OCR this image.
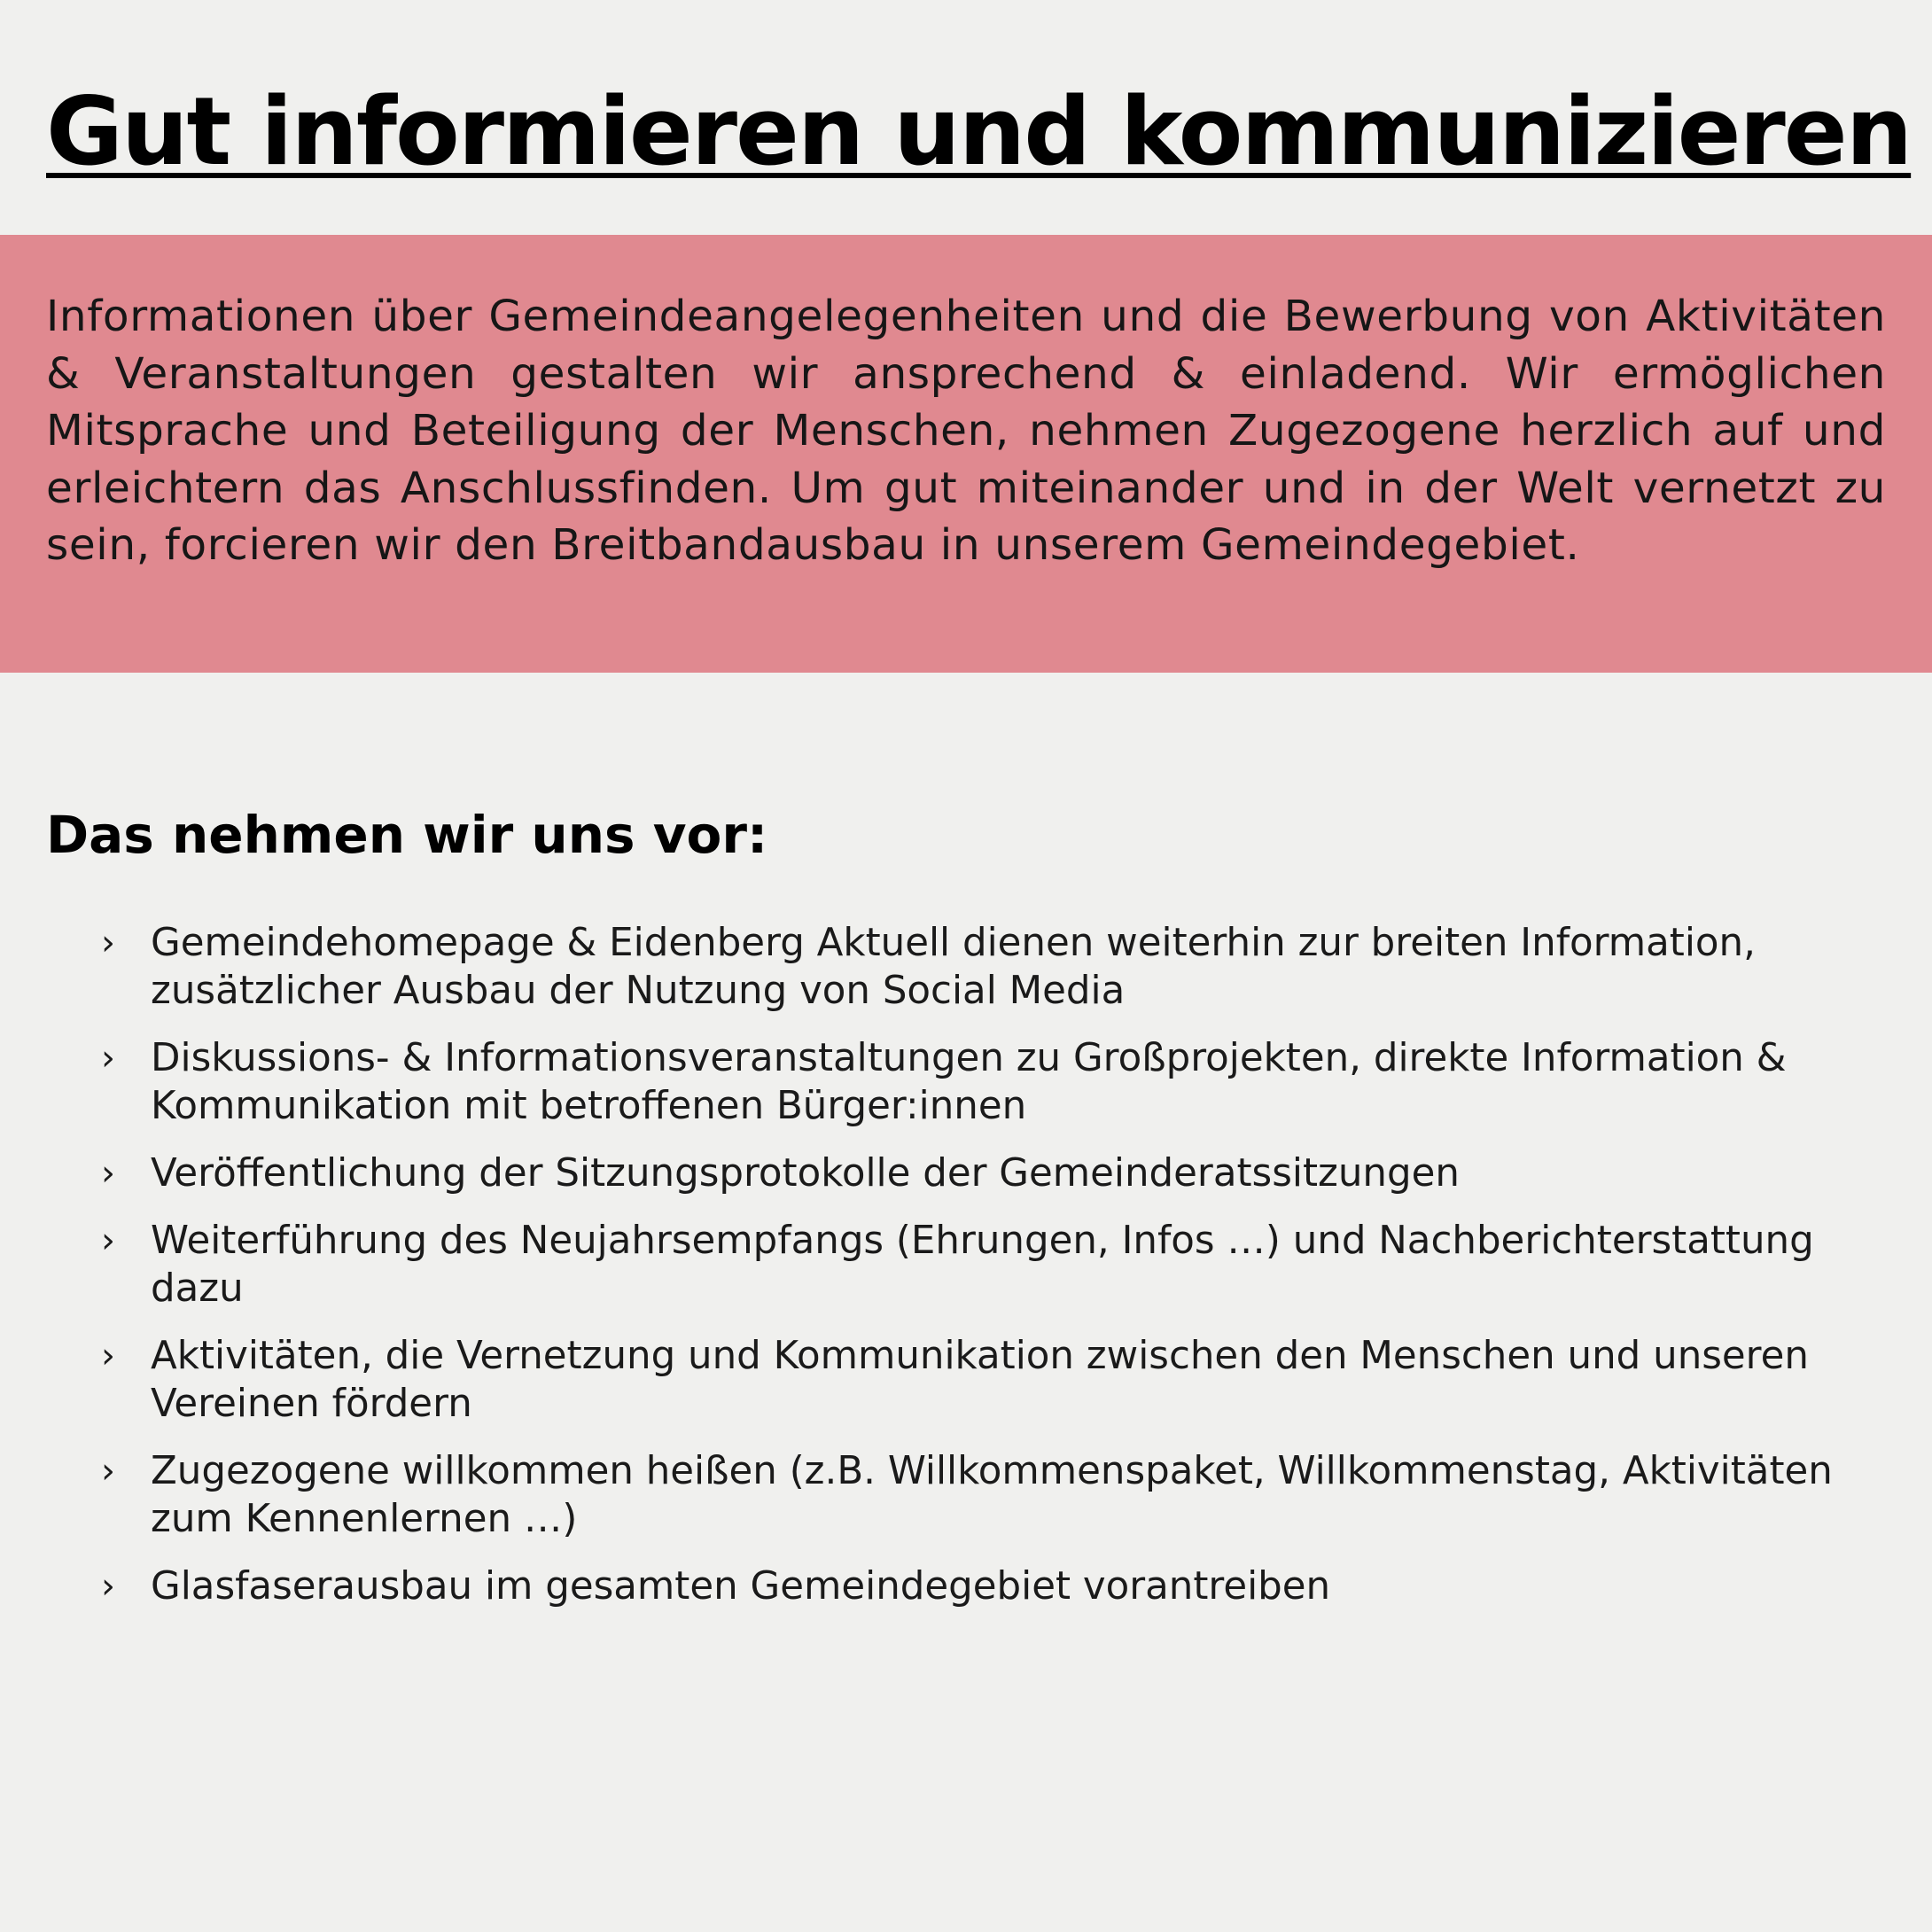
Gut informieren und kommunizieren

Informationen über Gemeindeangelegenheiten und die Bewerbung von Aktivitäten & Veranstaltungen gestalten wir ansprechend & einladend. Wir ermöglichen Mitsprache und Beteiligung der Menschen, nehmen Zugezogene herzlich auf und erleichtern das Anschlussfinden. Um gut miteinander und in der Welt vernetzt zu sein, forcieren wir den Breitbandausbau in unserem Gemeindegebiet.

Das nehmen wir uns vor:
› Gemeindehomepage & Eidenberg Aktuell dienen weiterhin zur breiten Information, zusätzlicher Ausbau der Nutzung von Social Media
› Diskussions- & Informationsveranstaltungen zu Großprojekten, direkte Information & Kommunikation mit betroffenen Bürger:innen
› Veröffentlichung der Sitzungsprotokolle der Gemeinderatssitzungen
› Weiterführung des Neujahrsempfangs (Ehrungen, Infos …) und Nachberichterstattung dazu
› Aktivitäten, die Vernetzung und Kommunikation zwischen den Menschen und unseren Vereinen fördern
› Zugezogene willkommen heißen (z.B. Willkommenspaket, Willkommenstag, Aktivitäten zum Kennenlernen …)
› Glasfaserausbau im gesamten Gemeindegebiet vorantreiben
